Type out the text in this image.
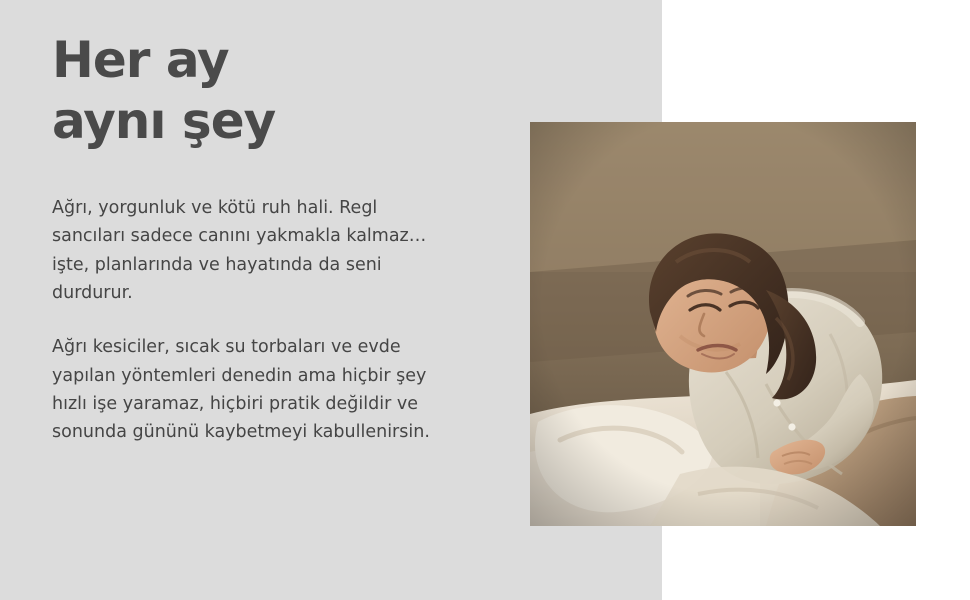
Her ay
aynı şey

Ağrı, yorgunluk ve kötü ruh hali. Regl sancıları sadece canını yakmakla kalmaz… işte, planlarında ve hayatında da seni durdurur.

Ağrı kesiciler, sıcak su torbaları ve evde yapılan yöntemleri denedin ama hiçbir şey hızlı işe yaramaz, hiçbiri pratik değildir ve sonunda gününü kaybetmeyi kabullenirsin.
